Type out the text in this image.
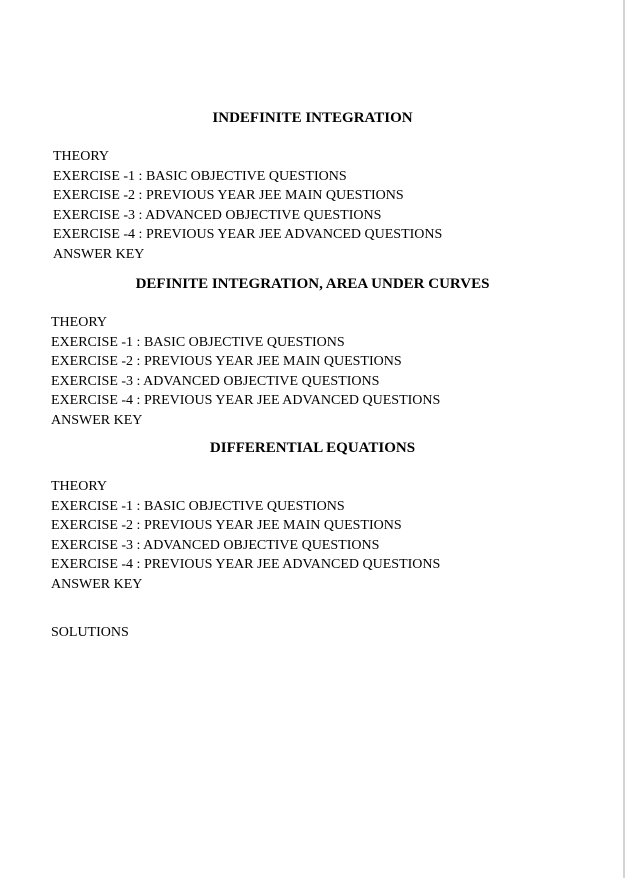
INDEFINITE INTEGRATION
THEORY
EXERCISE -1 : BASIC OBJECTIVE QUESTIONS
EXERCISE -2 : PREVIOUS YEAR JEE MAIN QUESTIONS
EXERCISE -3 : ADVANCED OBJECTIVE QUESTIONS
EXERCISE -4 : PREVIOUS YEAR JEE ADVANCED QUESTIONS
ANSWER KEY
DEFINITE INTEGRATION, AREA UNDER CURVES
THEORY
EXERCISE -1 : BASIC OBJECTIVE QUESTIONS
EXERCISE -2 : PREVIOUS YEAR JEE MAIN QUESTIONS
EXERCISE -3 : ADVANCED OBJECTIVE QUESTIONS
EXERCISE -4 : PREVIOUS YEAR JEE ADVANCED QUESTIONS
ANSWER KEY
DIFFERENTIAL EQUATIONS
THEORY
EXERCISE -1 : BASIC OBJECTIVE QUESTIONS
EXERCISE -2 : PREVIOUS YEAR JEE MAIN QUESTIONS
EXERCISE -3 : ADVANCED OBJECTIVE QUESTIONS
EXERCISE -4 : PREVIOUS YEAR JEE ADVANCED QUESTIONS
ANSWER KEY
SOLUTIONS
